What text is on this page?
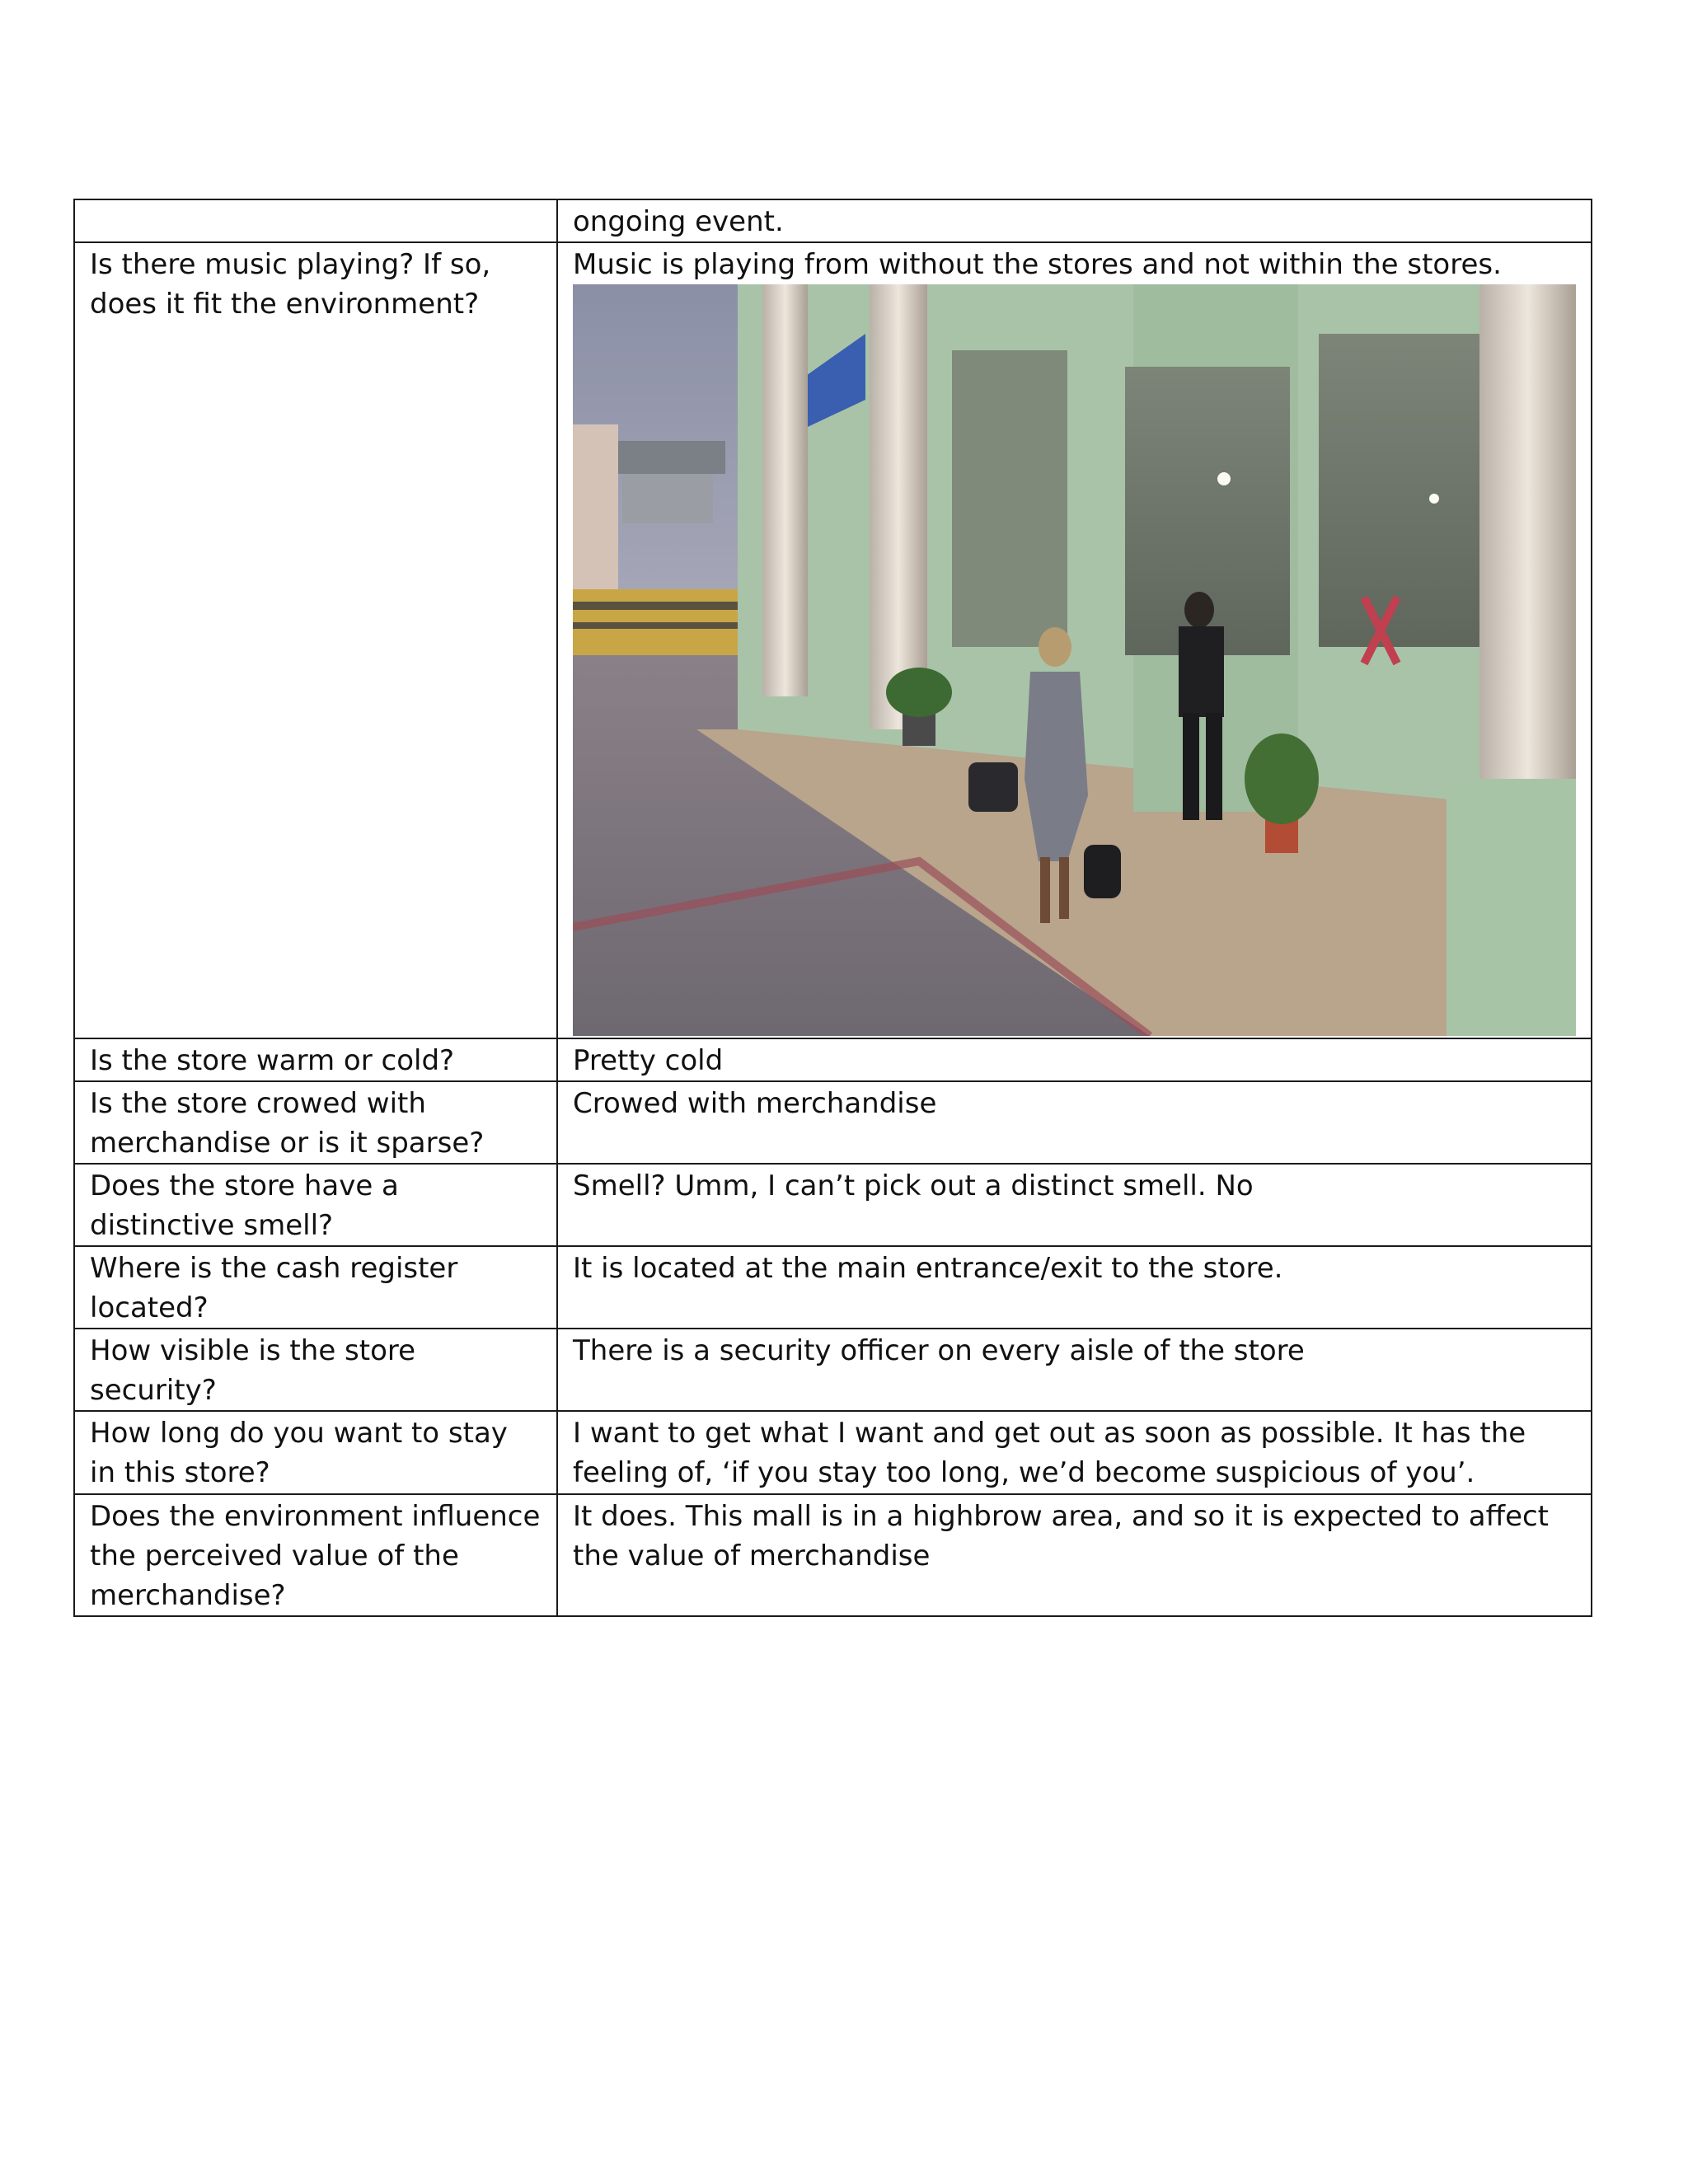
	ongoing event.
Is there music playing? If so, does it fit the environment?	Music is playing from without the stores and not within the stores.

Is the store warm or cold?	Pretty cold
Is the store crowed with merchandise or is it sparse?	Crowed with merchandise
Does the store have a distinctive smell?	Smell? Umm, I can’t pick out a distinct smell. No
Where is the cash register located?	It is located at the main entrance/exit to the store.
How visible is the store security?	There is a security officer on every aisle of the store
How long do you want to stay in this store?	I want to get what I want and get out as soon as possible. It has the feeling of, ‘if you stay too long, we’d become suspicious of you’.
Does the environment influence the perceived value of the merchandise?	It does. This mall is in a highbrow area, and so it is expected to affect the value of merchandise
